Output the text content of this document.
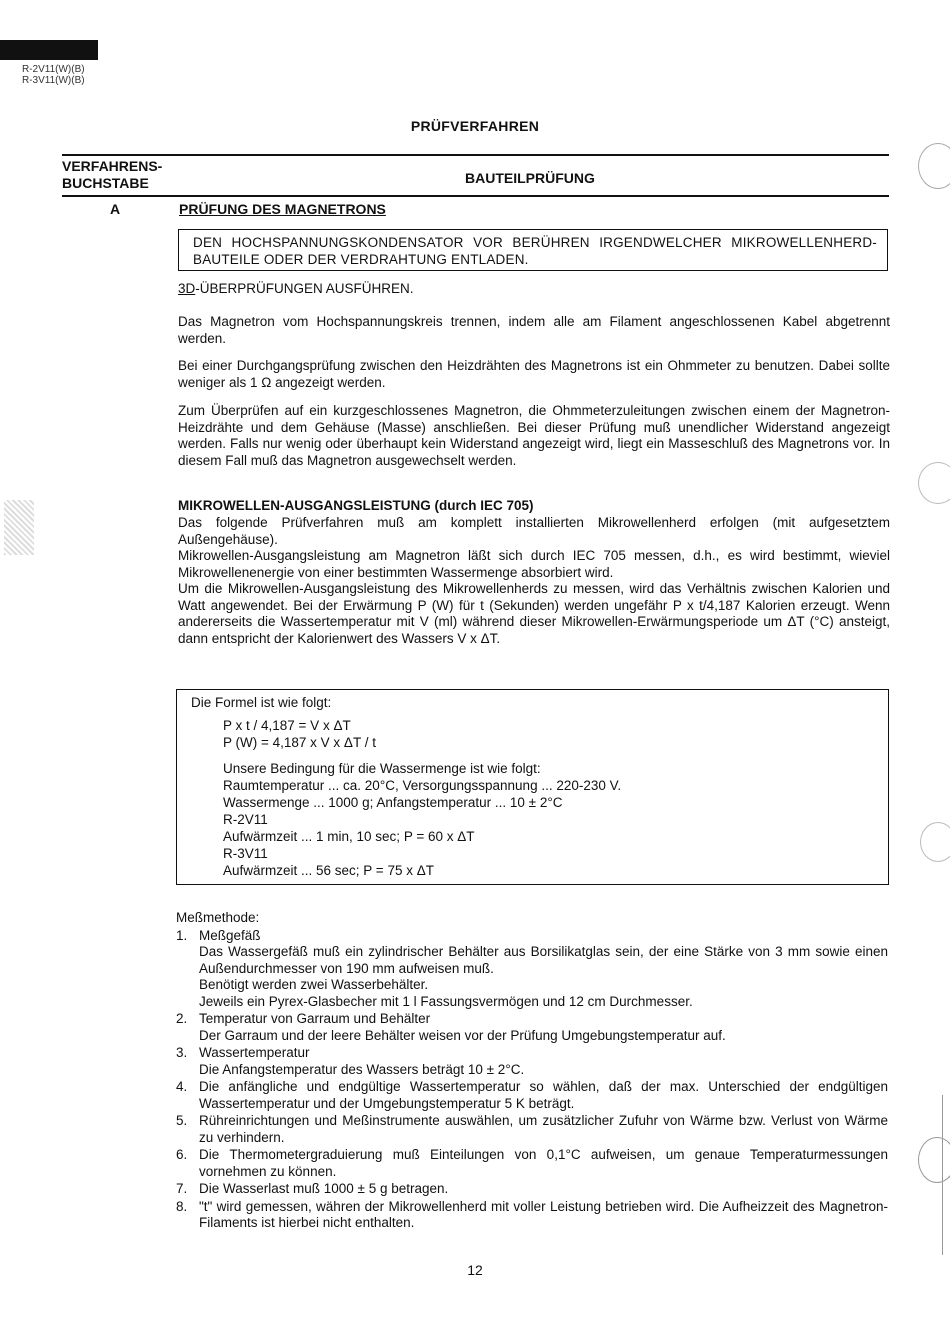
R-2V11(W)(B)
R-3V11(W)(B)
PRÜFVERFAHREN
VERFAHRENS-
BUCHSTABE	BAUTEILPRÜFUNG
A	PRÜFUNG DES MAGNETRONS
DEN HOCHSPANNUNGSKONDENSATOR VOR BERÜHREN IRGENDWELCHER MIKROWELLENHERD-BAUTEILE ODER DER VERDRAHTUNG ENTLADEN.
3D-ÜBERPRÜFUNGEN AUSFÜHREN.

Das Magnetron vom Hochspannungskreis trennen, indem alle am Filament angeschlossenen Kabel abgetrennt werden.

Bei einer Durchgangsprüfung zwischen den Heizdrähten des Magnetrons ist ein Ohmmeter zu benutzen. Dabei sollte weniger als 1 Ω angezeigt werden.

Zum Überprüfen auf ein kurzgeschlossenes Magnetron, die Ohmmeterzuleitungen zwischen einem der Magnetron-Heizdrähte und dem Gehäuse (Masse) anschließen. Bei dieser Prüfung muß unendlicher Widerstand angezeigt werden. Falls nur wenig oder überhaupt kein Widerstand angezeigt wird, liegt ein Masseschluß des Magnetrons vor. In diesem Fall muß das Magnetron ausgewechselt werden.

MIKROWELLEN-AUSGANGSLEISTUNG (durch IEC 705)
Das folgende Prüfverfahren muß am komplett installierten Mikrowellenherd erfolgen (mit aufgesetztem Außengehäuse).
Mikrowellen-Ausgangsleistung am Magnetron läßt sich durch IEC 705 messen, d.h., es wird bestimmt, wieviel Mikrowellenenergie von einer bestimmten Wassermenge absorbiert wird.
Um die Mikrowellen-Ausgangsleistung des Mikrowellenherds zu messen, wird das Verhältnis zwischen Kalorien und Watt angewendet. Bei der Erwärmung P (W) für t (Sekunden) werden ungefähr P x t/4,187 Kalorien erzeugt. Wenn andererseits die Wassertemperatur mit V (ml) während dieser Mikrowellen-Erwärmungsperiode um ΔT (°C) ansteigt, dann entspricht der Kalorienwert des Wassers V x ΔT.
Die Formel ist wie folgt:
P x t / 4,187 = V x ΔT
P (W) = 4,187 x V x ΔT / t
Unsere Bedingung für die Wassermenge ist wie folgt:
Raumtemperatur ... ca. 20°C, Versorgungsspannung ... 220-230 V.
Wassermenge ... 1000 g; Anfangstemperatur ... 10 ± 2°C
R-2V11
Aufwärmzeit ... 1 min, 10 sec; P = 60 x ΔT
R-3V11
Aufwärmzeit ... 56 sec; P = 75 x ΔT
Meßmethode:
1. Meßgefäß
Das Wassergefäß muß ein zylindrischer Behälter aus Borsilikatglas sein, der eine Stärke von 3 mm sowie einen Außendurchmesser von 190 mm aufweisen muß.
Benötigt werden zwei Wasserbehälter.
Jeweils ein Pyrex-Glasbecher mit 1 l Fassungsvermögen und 12 cm Durchmesser.
2. Temperatur von Garraum und Behälter
Der Garraum und der leere Behälter weisen vor der Prüfung Umgebungstemperatur auf.
3. Wassertemperatur
Die Anfangstemperatur des Wassers beträgt 10 ± 2°C.
4. Die anfängliche und endgültige Wassertemperatur so wählen, daß der max. Unterschied der endgültigen Wassertemperatur und der Umgebungstemperatur 5 K beträgt.
5. Rühreinrichtungen und Meßinstrumente auswählen, um zusätzlicher Zufuhr von Wärme bzw. Verlust von Wärme zu verhindern.
6. Die Thermometergraduierung muß Einteilungen von 0,1°C aufweisen, um genaue Temperaturmessungen vornehmen zu können.
7. Die Wasserlast muß 1000 ± 5 g betragen.
8. "t" wird gemessen, währen der Mikrowellenherd mit voller Leistung betrieben wird. Die Aufheizzeit des Magnetron-Filaments ist hierbei nicht enthalten.
12
